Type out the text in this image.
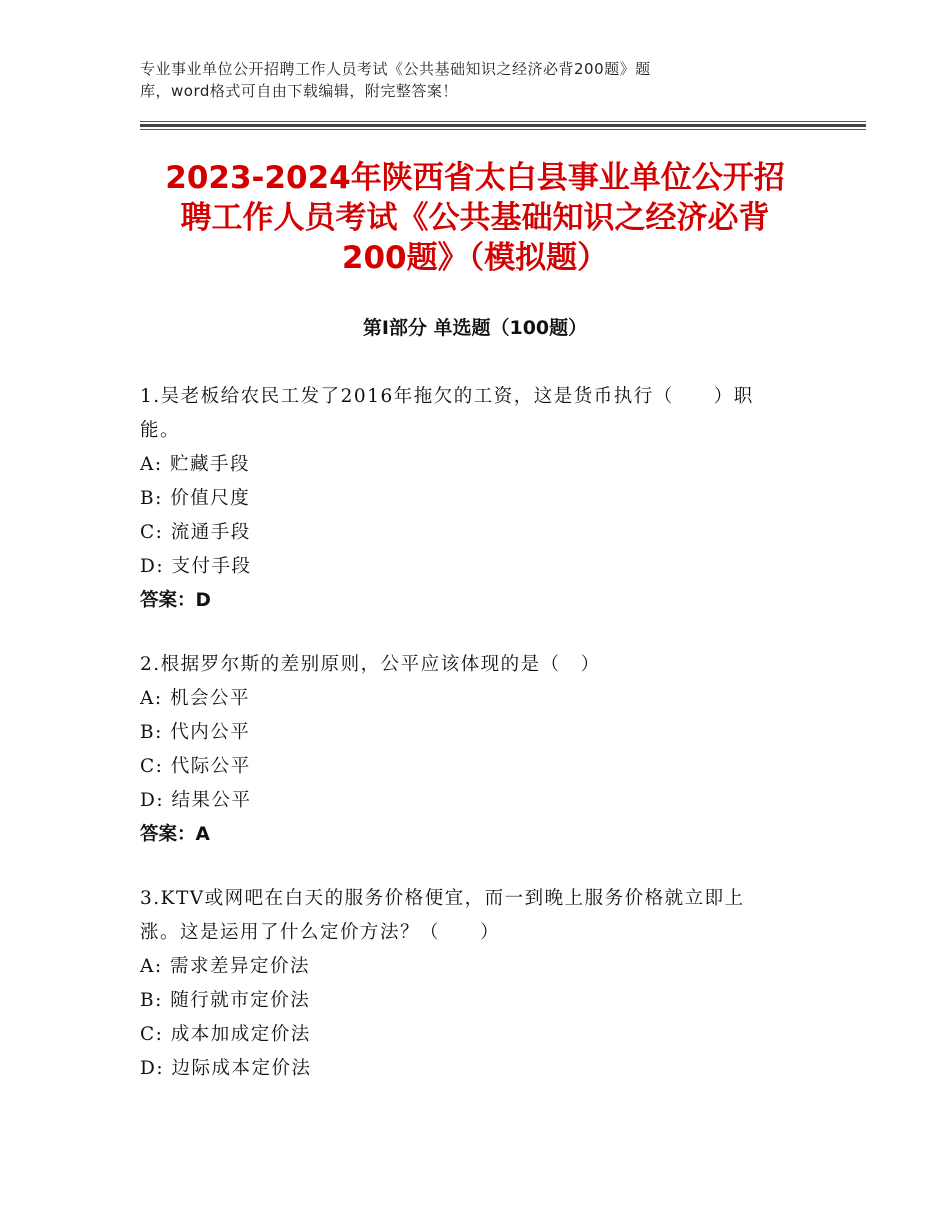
专业事业单位公开招聘工作人员考试《公共基础知识之经济必背200题》题
库，word格式可自由下载编辑，附完整答案！
2023-2024年陕西省太白县事业单位公开招
聘工作人员考试《公共基础知识之经济必背
200题》（模拟题）
第Ⅰ部分 单选题（100题）

1.吴老板给农民工发了2016年拖欠的工资，这是货币执行（　　）职
能。

A: 贮藏手段

B: 价值尺度

C: 流通手段

D: 支付手段

答案：D

2.根据罗尔斯的差别原则，公平应该体现的是（　）

A: 机会公平

B: 代内公平

C: 代际公平

D: 结果公平

答案：A

3.KTV或网吧在白天的服务价格便宜，而一到晚上服务价格就立即上
涨。这是运用了什么定价方法？（　　）

A: 需求差异定价法

B: 随行就市定价法

C: 成本加成定价法

D: 边际成本定价法
